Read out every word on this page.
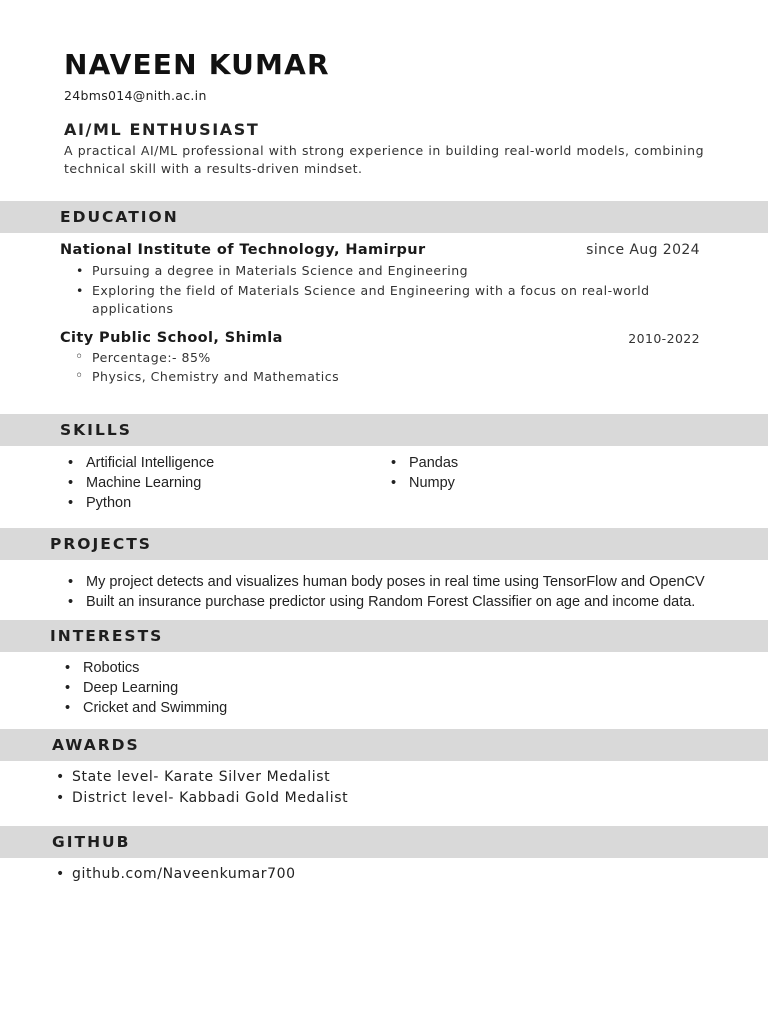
NAVEEN KUMAR
24bms014@nith.ac.in
AI/ML ENTHUSIAST
A practical AI/ML professional with strong experience in building real-world models, combining technical skill with a results-driven mindset.
EDUCATION
National Institute of Technology, Hamirpur	since Aug 2024
• Pursuing a degree in Materials Science and Engineering
• Exploring the field of Materials Science and Engineering with a focus on real-world applications
City Public School, Shimla	2010-2022
◦ Percentage:- 85%
◦ Physics, Chemistry and Mathematics
SKILLS
• Artificial Intelligence
• Machine Learning
• Python
• Pandas
• Numpy
PROJECTS
• My project detects and visualizes human body poses in real time using TensorFlow and OpenCV
• Built an insurance purchase predictor using Random Forest Classifier on age and income data.
INTERESTS
• Robotics
• Deep Learning
• Cricket and Swimming
AWARDS
• State level- Karate Silver Medalist
• District level- Kabbadi Gold Medalist
GITHUB
• github.com/Naveenkumar700
